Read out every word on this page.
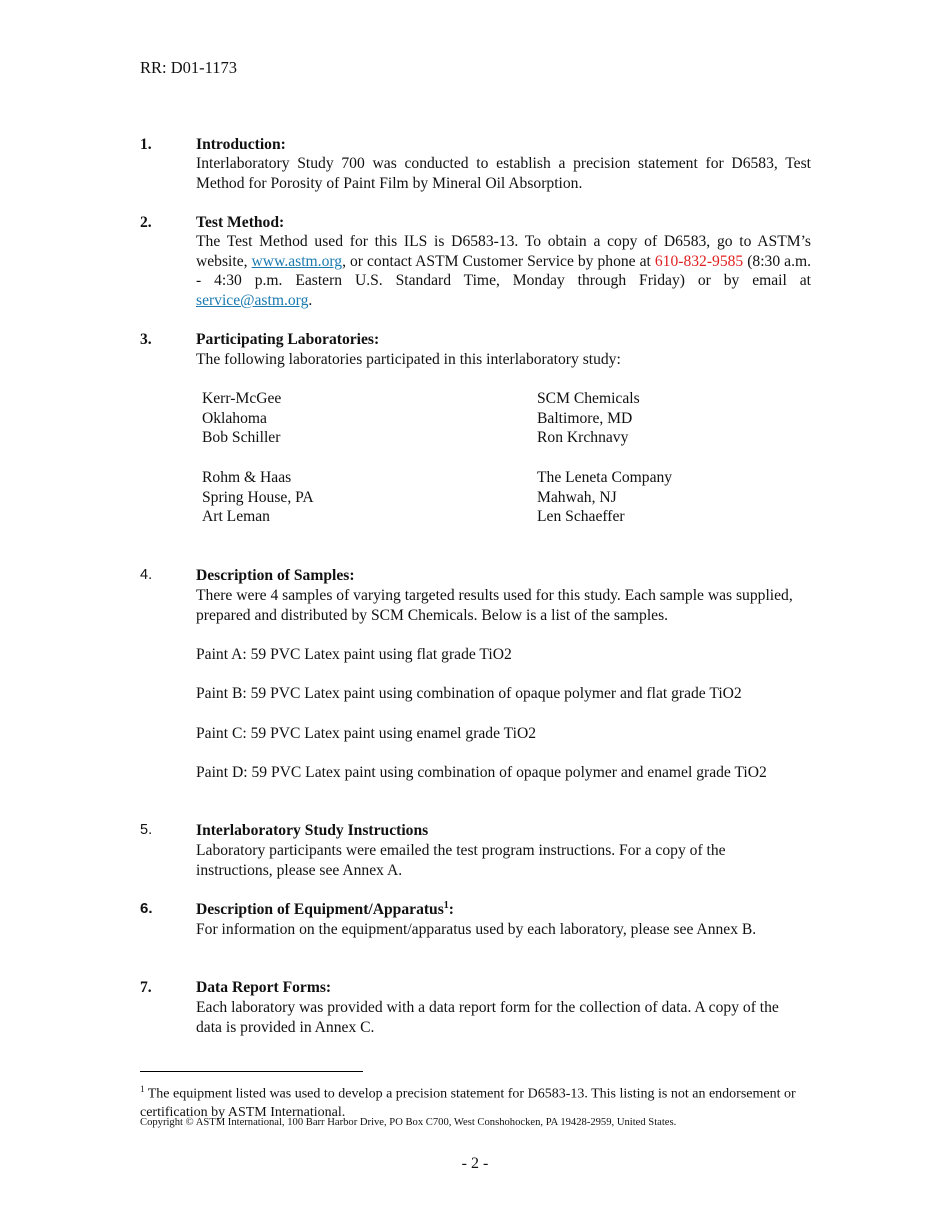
RR: D01-1173
1.	Introduction:
Interlaboratory Study 700 was conducted to establish a precision statement for D6583, Test Method for Porosity of Paint Film by Mineral Oil Absorption.
2.	Test Method:
The Test Method used for this ILS is D6583-13. To obtain a copy of D6583, go to ASTM’s website, www.astm.org, or contact ASTM Customer Service by phone at 610-832-9585 (8:30 a.m. - 4:30 p.m. Eastern U.S. Standard Time, Monday through Friday) or by email at service@astm.org.
3.	Participating Laboratories:
The following laboratories participated in this interlaboratory study:
Kerr-McGee
Oklahoma
Bob Schiller
SCM Chemicals
Baltimore, MD
Ron Krchnavy
Rohm & Haas
Spring House, PA
Art Leman
The Leneta Company
Mahwah, NJ
Len Schaeffer
4.	Description of Samples:
There were 4 samples of varying targeted results used for this study. Each sample was supplied, prepared and distributed by SCM Chemicals. Below is a list of the samples.
Paint A: 59 PVC Latex paint using flat grade TiO2
Paint B: 59 PVC Latex paint using combination of opaque polymer and flat grade TiO2
Paint C: 59 PVC Latex paint using enamel grade TiO2
Paint D: 59 PVC Latex paint using combination of opaque polymer and enamel grade TiO2
5.	Interlaboratory Study Instructions
Laboratory participants were emailed the test program instructions. For a copy of the instructions, please see Annex A.
6.	Description of Equipment/Apparatus$^1$:
For information on the equipment/apparatus used by each laboratory, please see Annex B.
7.	Data Report Forms:
Each laboratory was provided with a data report form for the collection of data. A copy of the data is provided in Annex C.
$^1$ The equipment listed was used to develop a precision statement for D6583-13. This listing is not an endorsement or certification by ASTM International.
Copyright © ASTM International, 100 Barr Harbor Drive, PO Box C700, West Conshohocken, PA 19428-2959, United States.
- 2 -
